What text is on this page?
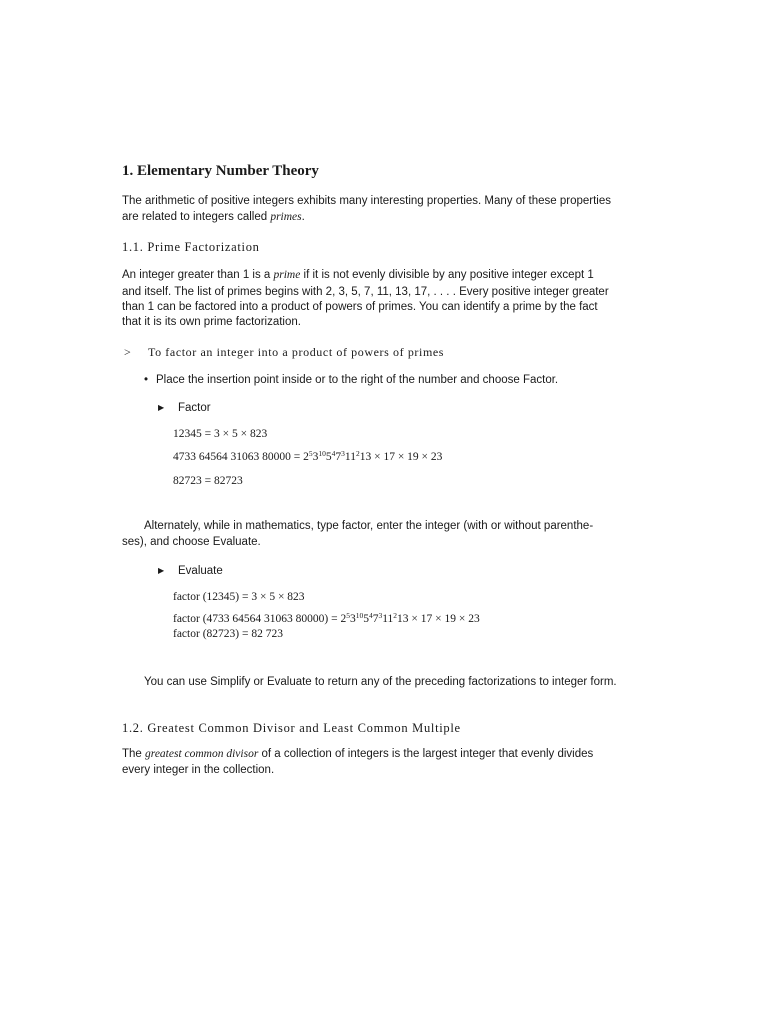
1. Elementary Number Theory
The arithmetic of positive integers exhibits many interesting properties. Many of these properties
are related to integers called primes.
1.1. Prime Factorization
An integer greater than 1 is a prime if it is not evenly divisible by any positive integer except 1
and itself. The list of primes begins with 2, 3, 5, 7, 11, 13, 17, . . . . Every positive integer greater
than 1 can be factored into a product of powers of primes. You can identify a prime by the fact
that it is its own prime factorization.
> To factor an integer into a product of powers of primes
• Place the insertion point inside or to the right of the number and choose Factor.
▶ Factor
12345 = 3 × 5 × 823
4733 64564 31063 $80000 = 2^53^{10}5^47^311^213 \times 17 \times 19 \times 23$
82723 = 82723
Alternately, while in mathematics, type factor, enter the integer (with or without parenthe-
ses), and choose Evaluate.
▶ Evaluate
factor (12345) = 3 × 5 × 823
factor (4733 64564 31063 $80000) = 2^53^{10}5^47^311^213 \times 17 \times 19 \times 23$
factor (82723) = 82 723
You can use Simplify or Evaluate to return any of the preceding factorizations to integer form.
1.2. Greatest Common Divisor and Least Common Multiple
The greatest common divisor of a collection of integers is the largest integer that evenly divides
every integer in the collection.
